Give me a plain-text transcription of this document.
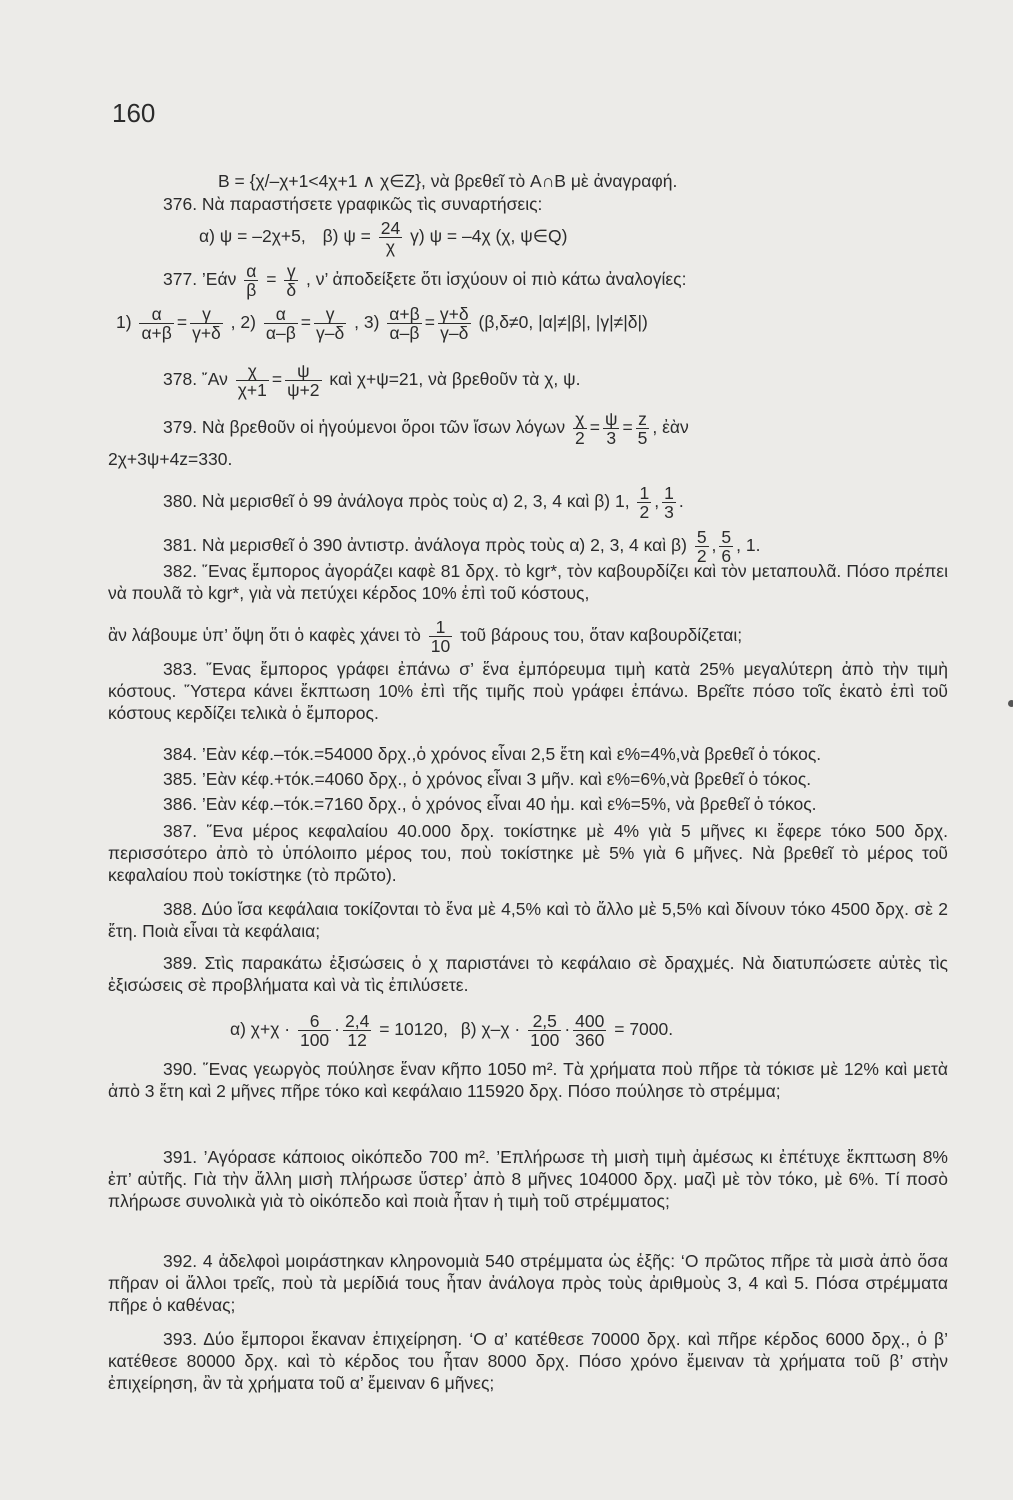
160
B = {χ/–χ+1<4χ+1 ∧ χ∈Z}, νὰ βρεθεῖ τὸ A∩B μὲ ἀναγραφή.
376. Νὰ παραστήσετε γραφικῶς τὶς συναρτήσεις:
α) ψ = –2χ+5, β) $\psi = \frac{24}{\chi} \gamma$) ψ = –4χ (χ, ψ∈Q)
377. ’Εάν $\frac{\alpha}{\beta} = \frac{\gamma}{\delta}$ , ν’ ἀποδείξετε ὅτι ἰσχύουν οἱ πιὸ κάτω ἀναλογίες:
$1) \frac{\alpha}{\alpha+\beta} = \frac{\gamma}{\gamma+\delta}$ , $2) \frac{\alpha}{\alpha-\beta} = \frac{\gamma}{\gamma-\delta}$ , $3) \frac{\alpha+\beta}{\alpha-\beta} = \frac{\gamma+\delta}{\gamma-\delta} (\beta,\delta\ne 0$, |α|≠|β|, |γ|≠|δ|)
378. ῎Αν $\frac{\chi}{\chi+1} = \frac{\psi}{\psi+2}$ καὶ χ+ψ=21, νὰ βρεθοῦν τὰ χ, ψ.
379. Νὰ βρεθοῦν οἱ ἡγούμενοι ὅροι τῶν ἴσων λόγων $\frac{\chi}{2} = \frac{\psi}{3} = \frac{z}{5}$ , ἐὰν
2χ+3ψ+4z=330.
380. Νὰ μερισθεῖ ὁ 99 ἀνάλογα πρὸς τοὺς α) 2, 3, 4 καὶ β) 1, $\frac{1}{2}$ , $\frac{1}{3}$ .
381. Νὰ μερισθεῖ ὁ 390 ἀντιστρ. ἀνάλογα πρὸς τοὺς α) 2, 3, 4 καὶ $\beta) \frac{5}{2}$ , $\frac{5}{6}$ , 1.
382. ῞Ενας ἔμπορος ἀγοράζει καφὲ 81 δρχ. τὸ kgr*, τὸν καβουρδίζει καὶ τὸν μεταπουλᾶ. Πόσο πρέπει νὰ πουλᾶ τὸ kgr*, γιὰ νὰ πετύχει κέρδος 10% ἐπὶ τοῦ κόστους,
ἂν λάβουμε ὑπ’ ὄψη ὅτι ὁ καφὲς χάνει τὸ $\frac{1}{10}$ τοῦ βάρους του, ὅταν καβουρδίζεται;
383. ῞Ενας ἔμπορος γράφει ἐπάνω σ’ ἕνα ἐμπόρευμα τιμὴ κατὰ 25% μεγαλύτερη ἀπὸ τὴν τιμὴ κόστους. ῞Υστερα κάνει ἔκπτωση 10% ἐπὶ τῆς τιμῆς ποὺ γράφει ἐπάνω. Βρεῖτε πόσο τοῖς ἑκατὸ ἐπὶ τοῦ κόστους κερδίζει τελικὰ ὁ ἔμπορος.
384. ’Εὰν κέφ.–τόκ.=54000 δρχ.,ὁ χρόνος εἶναι 2,5 ἔτη καὶ ε%=4%,νὰ βρεθεῖ ὁ τόκος.
385. ’Εὰν κέφ.+τόκ.=4060 δρχ., ὁ χρόνος εἶναι 3 μῆν. καὶ ε%=6%,νὰ βρεθεῖ ὁ τόκος.
386. ’Εὰν κέφ.–τόκ.=7160 δρχ., ὁ χρόνος εἶναι 40 ἡμ. καὶ ε%=5%, νὰ βρεθεῖ ὁ τόκος.
387. ῞Ενα μέρος κεφαλαίου 40.000 δρχ. τοκίστηκε μὲ 4% γιὰ 5 μῆνες κι ἔφερε τόκο 500 δρχ. περισσότερο ἀπὸ τὸ ὑπόλοιπο μέρος του, ποὺ τοκίστηκε μὲ 5% γιὰ 6 μῆνες. Νὰ βρεθεῖ τὸ μέρος τοῦ κεφαλαίου ποὺ τοκίστηκε (τὸ πρῶτο).
388. Δύο ἴσα κεφάλαια τοκίζονται τὸ ἕνα μὲ 4,5% καὶ τὸ ἄλλο μὲ 5,5% καὶ δίνουν τόκο 4500 δρχ. σὲ 2 ἔτη. Ποιὰ εἶναι τὰ κεφάλαια;
389. Στὶς παρακάτω ἐξισώσεις ὁ χ παριστάνει τὸ κεφάλαιο σὲ δραχμές. Νὰ διατυπώσετε αὐτὲς τὶς ἐξισώσεις σὲ προβλήματα καὶ νὰ τὶς ἐπιλύσετε.
α) $\chi+\chi \cdot \frac{6}{100} \cdot \frac{2,4}{12} = 10120$, β) $\chi-\chi \cdot \frac{2,5}{100} \cdot \frac{400}{360} = 7000$.
390. ῞Ενας γεωργὸς πούλησε ἕναν κῆπο 1050 m². Τὰ χρήματα ποὺ πῆρε τὰ τόκισε μὲ 12% καὶ μετὰ ἀπὸ 3 ἔτη καὶ 2 μῆνες πῆρε τόκο καὶ κεφάλαιο 115920 δρχ. Πόσο πούλησε τὸ στρέμμα;
391. ’Αγόρασε κάποιος οἰκόπεδο 700 m². ’Επλήρωσε τὴ μισὴ τιμὴ ἀμέσως κι ἐπέτυχε ἔκπτωση 8% ἐπ’ αὐτῆς. Γιὰ τὴν ἄλλη μισὴ πλήρωσε ὕστερ’ ἀπὸ 8 μῆνες 104000 δρχ. μαζὶ μὲ τὸν τόκο, μὲ 6%. Τί ποσὸ πλήρωσε συνολικὰ γιὰ τὸ οἰκόπεδο καὶ ποιὰ ἦταν ἡ τιμὴ τοῦ στρέμματος;
392. 4 ἀδελφοὶ μοιράστηκαν κληρονομιὰ 540 στρέμματα ὡς ἑξῆς: ‘Ο πρῶτος πῆρε τὰ μισὰ ἀπὸ ὅσα πῆραν οἱ ἄλλοι τρεῖς, ποὺ τὰ μερίδιά τους ἦταν ἀνάλογα πρὸς τοὺς ἀριθμοὺς 3, 4 καὶ 5. Πόσα στρέμματα πῆρε ὁ καθένας;
393. Δύο ἔμποροι ἔκαναν ἐπιχείρηση. ‘Ο α’ κατέθεσε 70000 δρχ. καὶ πῆρε κέρδος 6000 δρχ., ὁ β’ κατέθεσε 80000 δρχ. καὶ τὸ κέρδος του ἦταν 8000 δρχ. Πόσο χρόνο ἔμειναν τὰ χρήματα τοῦ β’ στὴν ἐπιχείρηση, ἂν τὰ χρήματα τοῦ α’ ἔμειναν 6 μῆνες;
